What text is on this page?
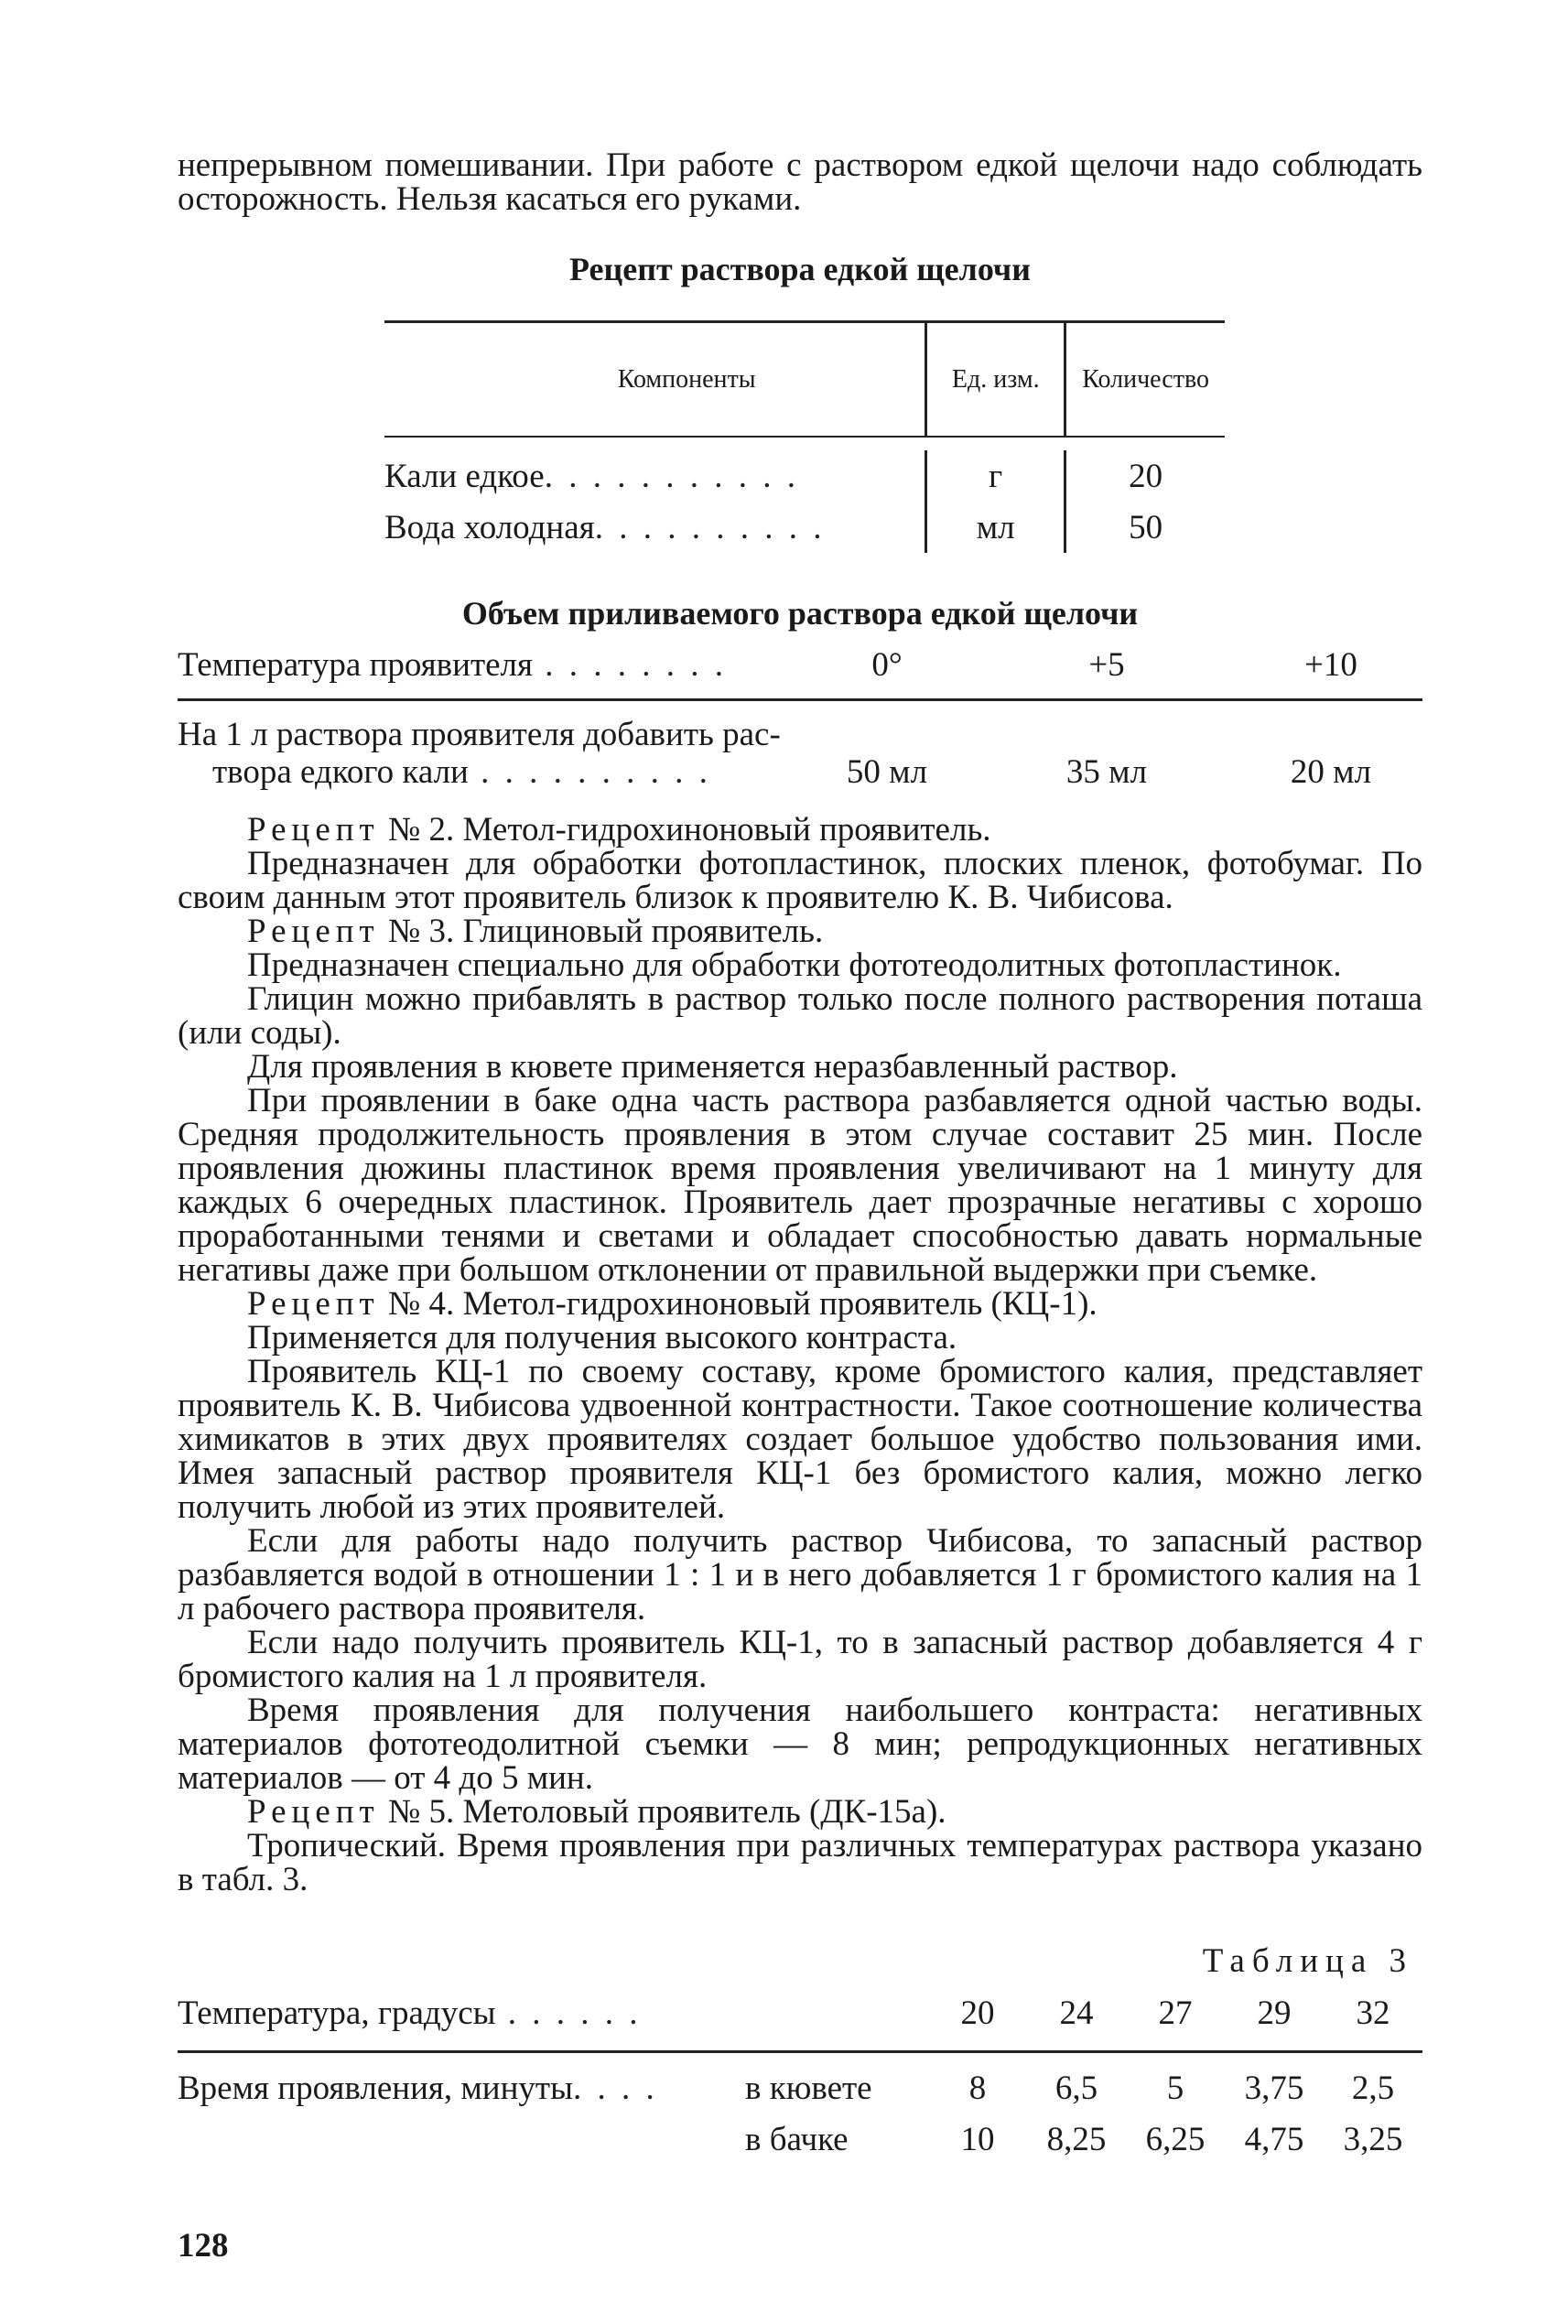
непрерывном помешивании. При работе с раствором едкой щелочи надо соблюдать осторожность. Нельзя касаться его руками.

Рецепт раствора едкой щелочи
Компоненты	Ед. изм.	Количество
Кали едкое . . . . . . . . . . .	г	20
Вода холодная . . . . . . . . . .	мл	50
Объем приливаемого раствора едкой щелочи
Температура проявителя . . . . . . . .	0°	+5	+10
На 1 л раствора проявителя добавить рас-
твора едкого кали . . . . . . . . . .	50 мл	35 мл	20 мл

Рецепт № 2. Метол-гидрохиноновый проявитель.

Предназначен для обработки фотопластинок, плоских пленок, фотобумаг. По своим данным этот проявитель близок к проявителю К. В. Чибисова.

Рецепт № 3. Глициновый проявитель.

Предназначен специально для обработки фототеодолитных фотопластинок.

Глицин можно прибавлять в раствор только после полного растворения поташа (или соды).

Для проявления в кювете применяется неразбавленный раствор.

При проявлении в баке одна часть раствора разбавляется одной частью воды. Средняя продолжительность проявления в этом случае составит 25 мин. После проявления дюжины пластинок время проявления увеличивают на 1 минуту для каждых 6 очередных пластинок. Проявитель дает прозрачные негативы с хорошо проработанными тенями и светами и обладает способностью давать нормальные негативы даже при большом отклонении от правильной выдержки при съемке.

Рецепт № 4. Метол-гидрохиноновый проявитель (КЦ-1).

Применяется для получения высокого контраста.

Проявитель КЦ-1 по своему составу, кроме бромистого калия, представляет проявитель К. В. Чибисова удвоенной контрастности. Такое соотношение количества химикатов в этих двух проявителях создает большое удобство пользования ими. Имея запасный раствор проявителя КЦ-1 без бромистого калия, можно легко получить любой из этих проявителей.

Если для работы надо получить раствор Чибисова, то запасный раствор разбавляется водой в отношении 1 : 1 и в него добавляется 1 г бромистого калия на 1 л рабочего раствора проявителя.

Если надо получить проявитель КЦ-1, то в запасный раствор добавляется 4 г бромистого калия на 1 л проявителя.

Время проявления для получения наибольшего контраста: негативных материалов фототеодолитной съемки — 8 мин; репродукционных негативных материалов — от 4 до 5 мин.

Рецепт № 5. Метоловый проявитель (ДК-15а).

Тропический. Время проявления при различных температурах раствора указано в табл. 3.

Таблица 3
Температура, градусы . . . . . .	20	24	27	29	32
Время проявления, минуты. . . .	в кювете	8	6,5	5	3,75	2,5
в бачке	10	8,25	6,25	4,75	3,25
128
